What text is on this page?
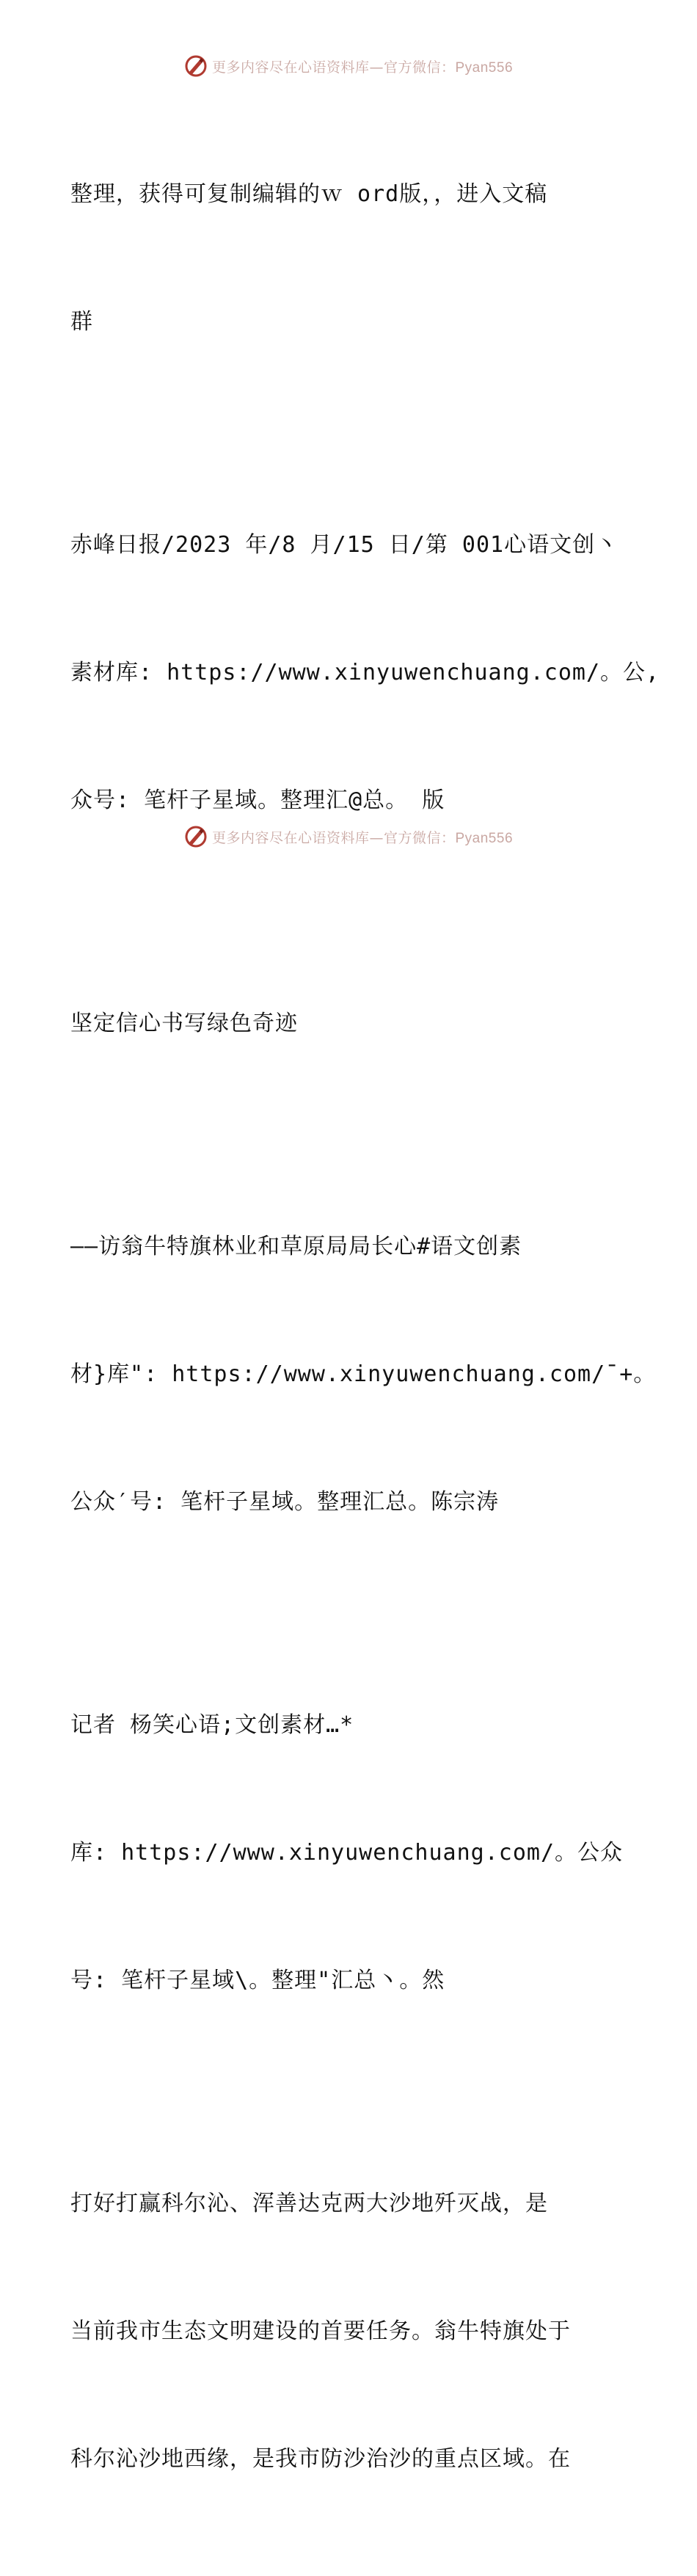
更多内容尽在心语资料库—官方微信：Pyan556

整理，获得可复制编辑的ｗ ord版，，进入文稿

群

赤峰日报/2023 年/8 月/15 日/第 001心语文创丶

素材库: https://www.xinyuwenchuang.com/。公,

众号: 笔杆子星域。整理汇@总。 版

坚定信心书写绿色奇迹

——访翁牛特旗林业和草原局局长心#语文创素

材}库": https://www.xinyuwenchuang.com/¯+。

公众′号: 笔杆子星域。整理汇总。陈宗涛

记者 杨笑心语;文创素材…*

库: https://www.xinyuwenchuang.com/。公众

号: 笔杆子星域\。整理"汇总丶。然

打好打赢科尔沁、浑善达克两大沙地歼灭战，是

当前我市生态文明建设的首要任务。翁牛特旗处于

科尔沁沙地西缘，是我市防沙治沙的重点区域。在

更多内容尽在心语资料库—官方微信：Pyan556
